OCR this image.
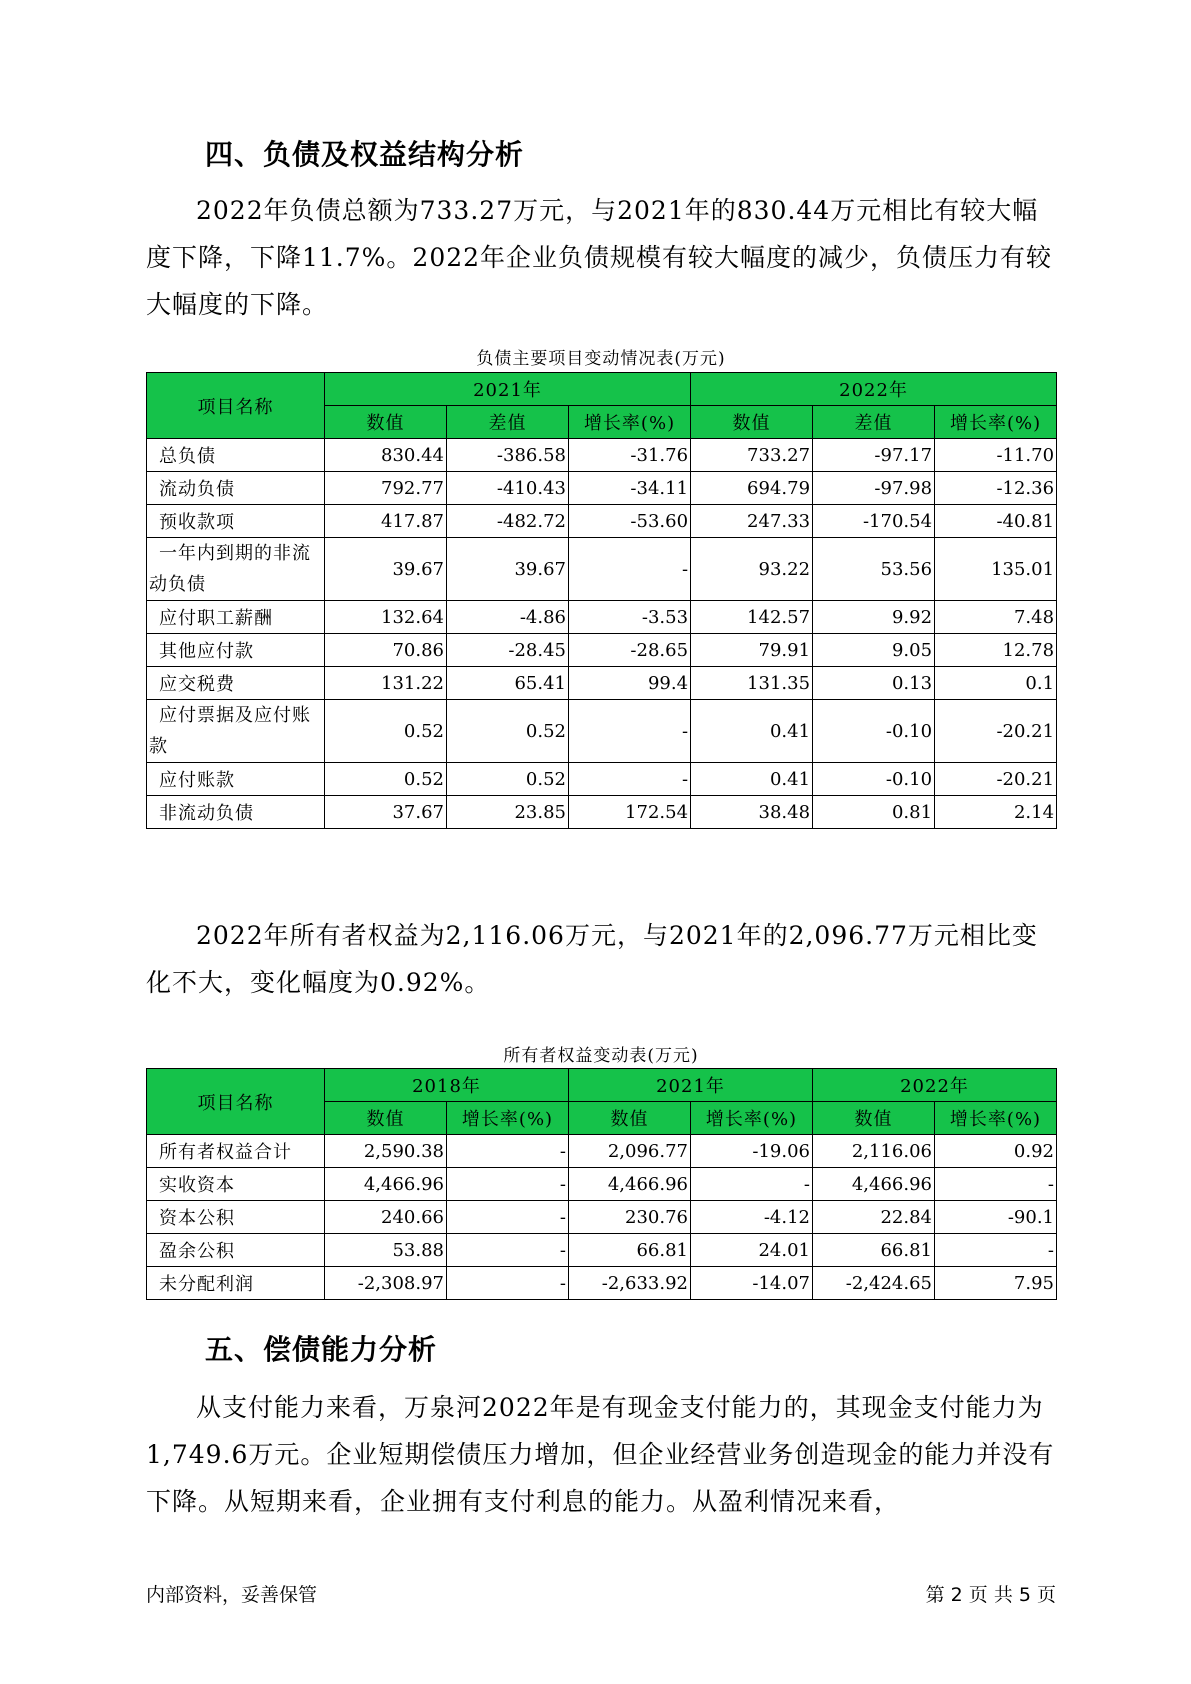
四、负债及权益结构分析

2022年负债总额为733.27万元，与2021年的830.44万元相比有较大幅度下降，下降11.7%。2022年企业负债规模有较大幅度的减少，负债压力有较大幅度的下降。

负债主要项目变动情况表(万元)
项目名称	2021年			2022年		
	数值	差值	增长率(%)	数值	差值	增长率(%)
总负债	830.44	-386.58	-31.76	733.27	-97.17	-11.70
流动负债	792.77	-410.43	-34.11	694.79	-97.98	-12.36
预收款项	417.87	-482.72	-53.60	247.33	-170.54	-40.81
一年内到期的非流动负债	39.67	39.67	-	93.22	53.56	135.01
应付职工薪酬	132.64	-4.86	-3.53	142.57	9.92	7.48
其他应付款	70.86	-28.45	-28.65	79.91	9.05	12.78
应交税费	131.22	65.41	99.4	131.35	0.13	0.1
应付票据及应付账款	0.52	0.52	-	0.41	-0.10	-20.21
应付账款	0.52	0.52	-	0.41	-0.10	-20.21
非流动负债	37.67	23.85	172.54	38.48	0.81	2.14

2022年所有者权益为2,116.06万元，与2021年的2,096.77万元相比变化不大，变化幅度为0.92%。

所有者权益变动表(万元)
项目名称	2018年		2021年		2022年	
	数值	增长率(%)	数值	增长率(%)	数值	增长率(%)
所有者权益合计	2,590.38	-	2,096.77	-19.06	2,116.06	0.92
实收资本	4,466.96	-	4,466.96	-	4,466.96	-
资本公积	240.66	-	230.76	-4.12	22.84	-90.1
盈余公积	53.88	-	66.81	24.01	66.81	-
未分配利润	-2,308.97	-	-2,633.92	-14.07	-2,424.65	7.95
五、偿债能力分析

从支付能力来看，万泉河2022年是有现金支付能力的，其现金支付能力为1,749.6万元。企业短期偿债压力增加，但企业经营业务创造现金的能力并没有下降。从短期来看，企业拥有支付利息的能力。从盈利情况来看，

内部资料，妥善保管	第 2 页 共 5 页
